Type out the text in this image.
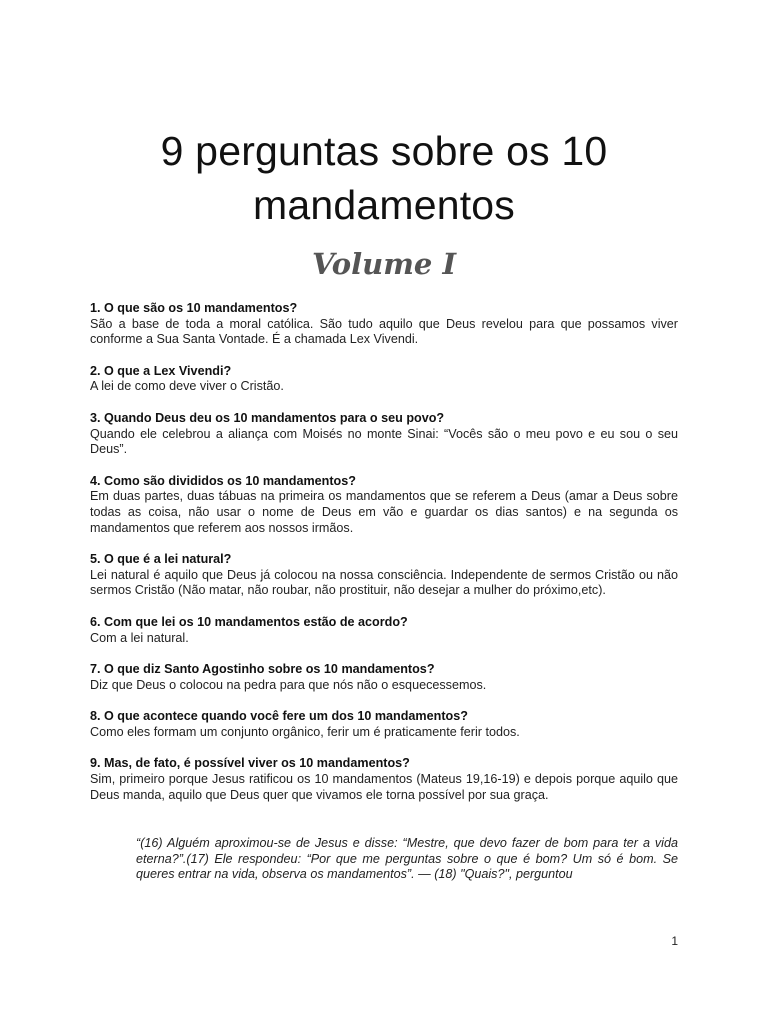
9 perguntas sobre os 10 mandamentos
Volume I
1. O que são os 10 mandamentos?
São a base de toda a moral católica. São tudo aquilo que Deus revelou para que possamos viver conforme a Sua Santa Vontade. É a chamada Lex Vivendi.
2. O que a Lex Vivendi?
A lei de como deve viver o Cristão.
3. Quando Deus deu os 10 mandamentos para o seu povo?
Quando ele celebrou a aliança com Moisés no monte Sinai: “Vocês são o meu povo e eu sou o seu Deus”.
4. Como são divididos os 10 mandamentos?
Em duas partes, duas tábuas na primeira os mandamentos que se referem a Deus (amar a Deus sobre todas as coisa, não usar o nome de Deus em vão e guardar os dias santos) e na segunda os mandamentos que referem aos nossos irmãos.
5. O que é a lei natural?
Lei natural é aquilo que Deus já colocou na nossa consciência. Independente de sermos Cristão ou não sermos Cristão (Não matar, não roubar, não prostituir, não desejar a mulher do próximo,etc).
6. Com que lei os 10 mandamentos estão de acordo?
Com a lei natural.
7. O que diz Santo Agostinho sobre os 10 mandamentos?
Diz que Deus o colocou na pedra para que nós não o esquecessemos.
8. O que acontece quando você fere um dos 10 mandamentos?
Como eles formam um conjunto orgânico, ferir um é praticamente ferir todos.
9. Mas, de fato, é possível viver os 10 mandamentos?
Sim, primeiro porque Jesus ratificou os 10 mandamentos (Mateus 19,16-19) e depois porque aquilo que Deus manda, aquilo que Deus quer que vivamos ele torna possível por sua graça.

“(16) Alguém aproximou-se de Jesus e disse: “Mestre, que devo fazer de bom para ter a vida eterna?”.(17) Ele respondeu: “Por que me perguntas sobre o que é bom? Um só é bom. Se queres entrar na vida, observa os mandamentos”. — (18) "Quais?", perguntou

1
